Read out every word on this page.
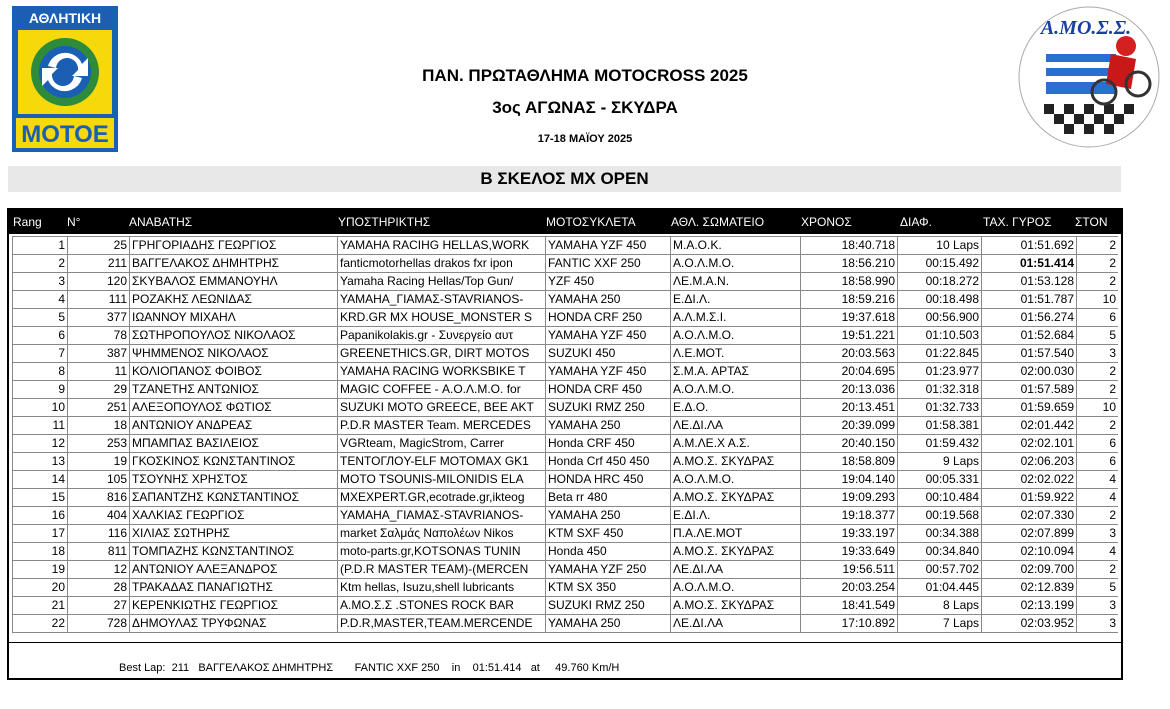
ΑΘΛΗΤΙΚΗ
ΜΟΤΟΕ
Α.ΜΟ.Σ.Σ.
ΠΑΝ. ΠΡΩΤΑΘΛΗΜΑ MOTOCROSS 2025
3ος ΑΓΩΝΑΣ - ΣΚΥΔΡΑ
17-18 ΜΑΪΟΥ 2025
Β ΣΚΕΛΟΣ MX OPEN
Rang N°	ΑΝΑΒΑΤΗΣ	ΥΠΟΣΤΗΡΙΚΤΗΣ	ΜΟΤΟΣΥΚΛΕΤΑ	ΑΘΛ. ΣΩΜΑΤΕΙΟ	ΧΡΟΝΟΣ	ΔΙΑΦ.	ΤΑΧ. ΓΥΡΟΣ ΣΤΟΝ
1	25 ΓΡΗΓΟΡΙΑΔΗΣ ΓΕΩΡΓΙΟΣ	YAMAHA RACIHG HELLAS,WORK	YAMAHA YZF 450	Μ.Α.Ο.Κ.	18:40.718	10 Laps	01:51.692	2
2	211 ΒΑΓΓΕΛΑΚΟΣ ΔΗΜΗΤΡΗΣ	fanticmotorhellas drakos fxr ipon	FANTIC XXF 250	Α.Ο.Λ.Μ.Ο.	18:56.210	00:15.492	01:51.414	2
3	120 ΣΚΥΒΑΛΟΣ ΕΜΜΑΝΟΥΗΛ	Yamaha Racing Hellas/Top Gun/	YZF 450	ΛΕ.Μ.Α.Ν.	18:58.990	00:18.272	01:53.128	2
4	111 ΡΟΖΑΚΗΣ ΛΕΩΝΙΔΑΣ	YAMAHA_ΓΙΑΜΑΣ-STAVRIANOS-	YAMAHA 250	Ε.ΔΙ.Λ.	18:59.216	00:18.498	01:51.787	10
5	377 ΙΩΑΝΝΟΥ ΜΙΧΑΗΛ	KRD.GR MX HOUSE_MONSTER S	HONDA CRF 250	Α.Λ.Μ.Σ.Ι.	19:37.618	00:56.900	01:56.274	6
6	78 ΣΩΤΗΡΟΠΟΥΛΟΣ ΝΙΚΟΛΑΟΣ	Papanikolakis.gr - Συνεργείο αυτ	YAMAHA YZF 450	Α.Ο.Λ.Μ.Ο.	19:51.221	01:10.503	01:52.684	5
7	387 ΨΗΜΜΕΝΟΣ ΝΙΚΟΛΑΟΣ	GREENETHICS.GR, DIRT MOTOS	SUZUKI 450	Λ.Ε.ΜΟΤ.	20:03.563	01:22.845	01:57.540	3
8	11 ΚΟΛΙΟΠΑΝΟΣ ΦΟΙΒΟΣ	YAMAHA RACING WORKSBIKE T	YAMAHA YZF 450	Σ.Μ.Α. ΑΡΤΑΣ	20:04.695	01:23.977	02:00.030	2
9	29 ΤΖΑΝΕΤΗΣ ΑΝΤΩΝΙΟΣ	MAGIC COFFEE - Α.Ο.Λ.Μ.Ο. for	HONDA CRF 450	Α.Ο.Λ.Μ.Ο.	20:13.036	01:32.318	01:57.589	2
10	251 ΑΛΕΞΟΠΟΥΛΟΣ ΦΩΤΙΟΣ	SUZUKI MOTO GREECE, BEE AKT	SUZUKI RMZ 250	Ε.Δ.Ο.	20:13.451	01:32.733	01:59.659	10
11	18 ΑΝΤΩΝΙΟΥ ΑΝΔΡΕΑΣ	P.D.R MASTER Team. MERCEDES	YAMAHA 250	ΛΕ.ΔΙ.ΛΑ	20:39.099	01:58.381	02:01.442	2
12	253 ΜΠΑΜΠΑΣ ΒΑΣΙΛΕΙΟΣ	VGRteam, MagicStrom, Carrer	Honda CRF 450	Α.Μ.ΛΕ.Χ Α.Σ.	20:40.150	01:59.432	02:02.101	6
13	19 ΓΚΟΣΚΙΝΟΣ ΚΩΝΣΤΑΝΤΙΝΟΣ	TENTOГЛОY-ELF MOTOMAX GK1	Honda Crf 450 450	Α.ΜΟ.Σ. ΣΚΥΔΡΑΣ	18:58.809	9 Laps	02:06.203	6
14	105 ΤΣΟΥΝΗΣ ΧΡΗΣΤΟΣ	MOTO TSOUNIS-MILONIDIS ELA	HONDA HRC 450	Α.Ο.Λ.Μ.Ο.	19:04.140	00:05.331	02:02.022	4
15	816 ΣΑΠΑΝΤΖΗΣ ΚΩΝΣΤΑΝΤΙΝΟΣ	MXEXPERT.GR,ecotrade.gr,ikteog	Beta rr 480	Α.ΜΟ.Σ. ΣΚΥΔΡΑΣ	19:09.293	00:10.484	01:59.922	4
16	404 ΧΑΛΚΙΑΣ ΓΕΩΡΓΙΟΣ	YAMAHA_ΓΙΑΜΑΣ-STAVRIANOS-	YAMAHA 250	Ε.ΔΙ.Λ.	19:18.377	00:19.568	02:07.330	2
17	116 ΧΙΛΙΑΣ ΣΩΤΗΡΗΣ	market Σαλμάς Ναπολέων Nikos	KTM SXF 450	Π.Α.ΛΕ.ΜΟΤ	19:33.197	00:34.388	02:07.899	3
18	811 ΤΟΜΠΑΖΗΣ ΚΩΝΣΤΑΝΤΙΝΟΣ	moto-parts.gr,KOTSONAS TUNIN	Honda 450	Α.ΜΟ.Σ. ΣΚΥΔΡΑΣ	19:33.649	00:34.840	02:10.094	4
19	12 ΑΝΤΩΝΙΟΥ ΑΛΕΞΑΝΔΡΟΣ	(P.D.R MASTER TEAM)-(MERCEN	YAMAHA YZF 250	ΛΕ.ΔΙ.ΛΑ	19:56.511	00:57.702	02:09.700	2
20	28 ΤΡΑΚΑΔΑΣ ΠΑΝΑΓΙΩΤΗΣ	Ktm hellas, Isuzu,shell lubricants	KTM SX 350	Α.Ο.Λ.Μ.Ο.	20:03.254	01:04.445	02:12.839	5
21	27 ΚΕΡΕΝΚΙΩΤΗΣ ΓΕΩΡΓΙΟΣ	Α.ΜΟ.Σ.Σ .STONES ROCK BAR	SUZUKI RMZ 250	Α.ΜΟ.Σ. ΣΚΥΔΡΑΣ	18:41.549	8 Laps	02:13.199	3
22	728 ΔΗΜΟΥΛΑΣ ΤΡΥΦΩΝΑΣ	P.D.R,MASTER,TEAM.MERCENDE	YAMAHA 250	ΛΕ.ΔΙ.ΛΑ	17:10.892	7 Laps	02:03.952	3
Best Lap: 211 ΒΑΓΓΕΛΑΚΟΣ ΔΗΜΗΤΡΗΣ FANTIC XXF 250 in 01:51.414 at 49.760 Km/H
